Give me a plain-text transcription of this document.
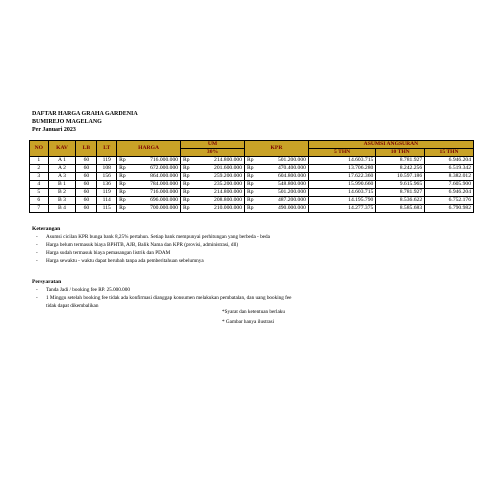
DAFTAR HARGA GRAHA GARDENIA
BUMIREJO MAGELANG
Per Januari 2023
NO	KAV	LB	LT	HARGA		UM		KPR		ASUMSI ANGSURAN		
						30%				5 THN	10 THN	15 THN
1	A 1	60	119	Rp	716.000.000	Rp	214.800.000	Rp	501.200.000	14.603.715	8.781.927	6.946.204
2	A 2	60	108	Rp	672.000.000	Rp	201.600.000	Rp	470.400.000	13.706.280	8.242.256	6.519.342
3	A 3	60	156	Rp	864.000.000	Rp	259.200.000	Rp	604.800.000	17.622.360	10.597.186	8.382.012
4	B 1	60	136	Rp	784.000.000	Rp	235.200.000	Rp	548.800.000	15.990.660	9.615.965	7.605.900
5	B 2	60	119	Rp	716.000.000	Rp	214.800.000	Rp	501.200.000	14.603.715	8.781.927	6.946.204
6	B 3	60	114	Rp	696.000.000	Rp	208.800.000	Rp	487.200.000	14.195.790	8.536.622	6.752.176
7	B 4	60	115	Rp	700.000.000	Rp	210.000.000	Rp	490.000.000	14.277.375	8.585.683	6.790.982
Keterangan
- Asumsi cicilan KPR bunga bank 8,25% pertahun. Setiap bank mempunyai perhitungan yang berbeda - beda
- Harga belum termasuk biaya BPHTB, AJB, Balik Nama dan KPR (provisi, administrasi, dll)
- Harga sudah termasuk biaya pemasangan listrik dan PDAM
- Harga sewaktu - waktu dapat berubah tanpa ada pemberitahuan sebelumnya
Persyaratan
- Tanda Jadi / booking fee RP. 25.000.000
- 1 Minggu setelah booking fee tidak ada konfirmasi dianggap konsumen melakukan pembatalan, dan uang booking fee
tidak dapat dikembalikan
*Syarat dan ketentuan berlaku
* Gambar hanya ilustrasi
